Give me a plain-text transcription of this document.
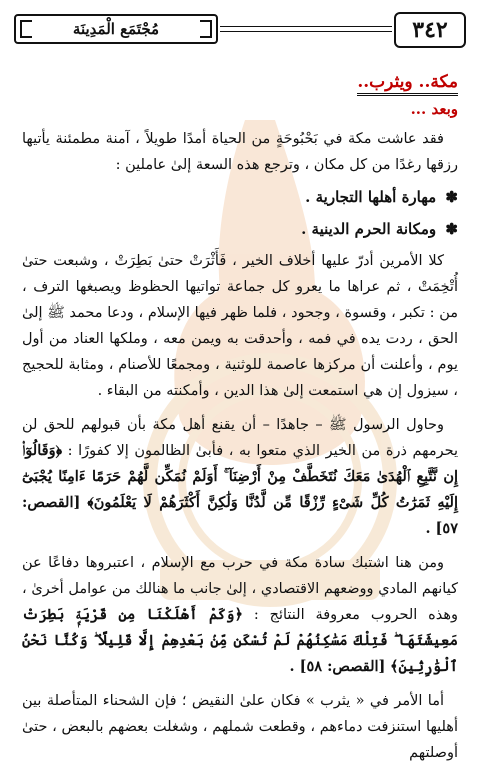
٣٤٢
مُجْتَمَع الْمَدِينَة
مكة.. ويثرب..
وبعد ...

فقد عاشت مكة في بَحْبُوحَةٍ من الحياة أمدًا طويلاً ، آمنة مطمئنة يأتيها رزقها رغدًا من كل مكان ، وترجع هذه السعة إلىٰ عاملين :

✽ مهارة أهلها التجارية .
✽ ومكانة الحرم الدينية .

كلا الأمرين أدرّ عليها أخلاف الخير ، فَأَثْرَتْ حتىٰ بَطِرَتْ ، وشبعت حتىٰ أُتْخِمَتْ ، ثم عراها ما يعرو كل جماعة تواتيها الحظوظ ويصبغها الترف ، من : تكبر ، وقسوة ، وجحود ، فلما ظهر فيها الإسلام ، ودعا محمد ﷺ إلىٰ الحق ، ردت يده في فمه ، وأحدقت به ويمن معه ، وملكها العناد من أول يوم ، وأعلنت أن مركزها عاصمة للوثنية ، ومجمعًا للأصنام ، ومثابة للحجيج ، سيزول إن هي استمعت إلىٰ هذا الدين ، وأمكنته من البقاء .

وحاول الرسول ﷺ – جاهدًا – أن يقنع أهل مكة بأن قبولهم للحق لن يحرمهم ذرة من الخير الذي متعوا به ، فأبىٰ الظالمون إلا كفورًا : ﴿وَقَالُوٓا۟ إِن نَّتَّبِعِ ٱلْهُدَىٰ مَعَكَ نُتَخَطَّفْ مِنْ أَرْضِنَآ ۚ أَوَلَمْ نُمَكِّن لَّهُمْ حَرَمًا ءَامِنًا يُجْبَىٰٓ إِلَيْهِ ثَمَرَٰتُ كُلِّ شَىْءٍ رِّزْقًا مِّن لَّدُنَّا وَلَٰكِنَّ أَكْثَرَهُمْ لَا يَعْلَمُونَ﴾ [القصص: ٥٧] .

ومن هنا اشتبك سادة مكة في حرب مع الإسلام ، اعتبروها دفاعًا عن كيانهم المادي ووضعهم الاقتصادي ، إلىٰ جانب ما هنالك من عوامل أخرىٰ ، وهذه الحروب معروفة النتائج : ﴿وَكَمْ أَهْلَكْنَا مِن قَرْيَةٍۭ بَطِرَتْ مَعِيشَتَهَا ۖ فَتِلْكَ مَسَٰكِنُهُمْ لَمْ تُسْكَن مِّنۢ بَعْدِهِمْ إِلَّا قَلِيلًا ۖ وَكُنَّا نَحْنُ ٱلْوَٰرِثِينَ﴾ [القصص: ٥٨] .

أما الأمر في « يثرب » فكان علىٰ النقيض ؛ فإن الشحناء المتأصلة بين أهليها استنزفت دماءهم ، وقطعت شملهم ، وشغلت بعضهم بالبعض ، حتىٰ أوصلتهم
